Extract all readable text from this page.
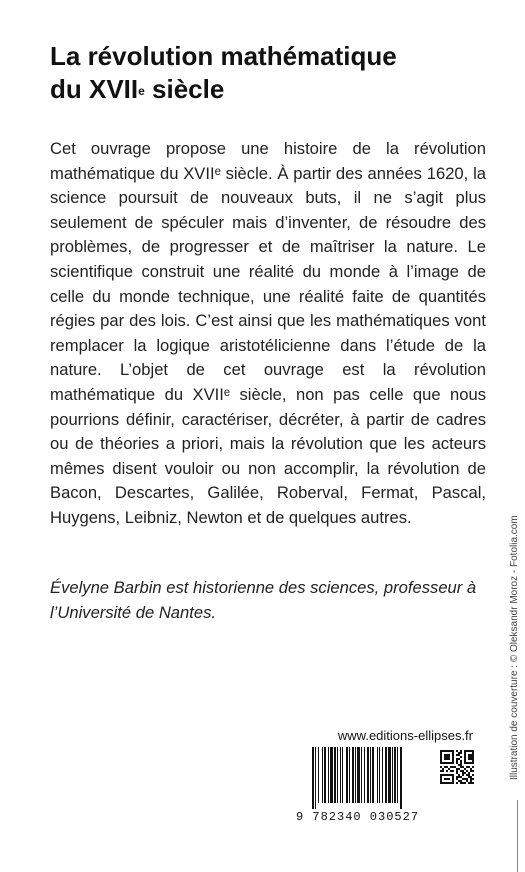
La révolution mathématique
du XVIIe siècle
Cet ouvrage propose une histoire de la révolution mathématique du XVIIᵉ siècle. À partir des années 1620, la science poursuit de nouveaux buts, il ne s’agit plus seulement de spéculer mais d’inventer, de résoudre des problèmes, de progresser et de maîtriser la nature. Le scientifique construit une réalité du monde à l’image de celle du monde technique, une réalité faite de quantités régies par des lois. C’est ainsi que les mathématiques vont remplacer la logique aristotélicienne dans l’étude de la nature. L’objet de cet ouvrage est la révolution mathématique du XVIIᵉ siècle, non pas celle que nous pourrions définir, caractériser, décréter, à partir de cadres ou de théories a priori, mais la révolution que les acteurs mêmes disent vouloir ou non accomplir, la révolution de Bacon, Descartes, Galilée, Roberval, Fermat, Pascal, Huygens, Leibniz, Newton et de quelques autres.
Évelyne Barbin est historienne des sciences, professeur à l’Université de Nantes.	Illustration de couverture : © Oleksandr Moroz - Fotolia.com
www.editions-ellipses.fr
9 782340 030527
